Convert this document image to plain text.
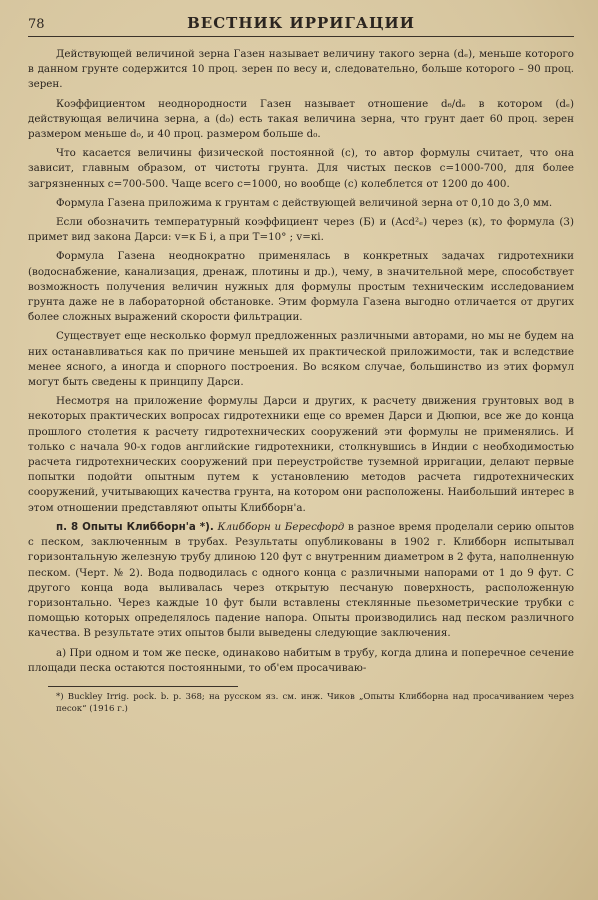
78	ВЕСТНИК ИРРИГАЦИИ

Действующей величиной зерна Газен называет величину такого зерна (dₑ), меньше которого в данном грунте содержится 10 проц. зерен по весу и, следовательно, больше которого – 90 проц. зерен.

Коэффициентом неоднородности Газен называет отношение d₆/dₑ в котором (dₑ) действующая величина зерна, а (d₀) есть такая величина зерна, что грунт дает 60 проц. зерен размером меньше d₀, и 40 проц. размером больше d₀.

Что касается величины физической постоянной (с), то автор формулы считает, что она зависит, главным образом, от чистоты грунта. Для чистых песков с=1000-700, для более загрязненных с=700-500. Чаще всего с=1000, но вообще (с) колеблется от 1200 до 400.

Формула Газена приложима к грунтам с действующей величиной зерна от 0,10 до 3,0 мм.

Если обозначить температурный коэффициент через (Б) и (Acd²ₑ) через (к), то формула (3) примет вид закона Дарси: v=к Б i, а при T=10° ; v=кi.

Формула Газена неоднократно применялась в конкретных задачах гидротехники (водоснабжение, канализация, дренаж, плотины и др.), чему, в значительной мере, способствует возможность получения величин нужных для формулы простым техническим исследованием грунта даже не в лабораторной обстановке. Этим формула Газена выгодно отличается от других более сложных выражений скорости фильтрации.

Существует еще несколько формул предложенных различными авторами, но мы не будем на них останавливаться как по причине меньшей их практической приложимости, так и вследствие менее ясного, а иногда и спорного построения. Во всяком случае, большинство из этих формул могут быть сведены к принципу Дарси.

Несмотря на приложение формулы Дарси и других, к расчету движения грунтовых вод в некоторых практических вопросах гидротехники еще со времен Дарси и Дюпюи, все же до конца прошлого столетия к расчету гидротехнических сооружений эти формулы не применялись. И только с начала 90-х годов английские гидротехники, столкнувшись в Индии с необходимостью расчета гидротехнических сооружений при переустройстве туземной ирригации, делают первые попытки подойти опытным путем к установлению методов расчета гидротехнических сооружений, учитывающих качества грунта, на котором они расположены. Наибольший интерес в этом отношении представляют опыты Клибборн'а.

п. 8 Опыты Клибборн'а *). Клибборн и Бересфорд в разное время проделали серию опытов с песком, заключенным в трубах. Результаты опубликованы в 1902 г. Клибборн испытывал горизонтальную железную трубу длиною 120 фут с внутренним диаметром в 2 фута, наполненную песком. (Черт. № 2). Вода подводилась с одного конца с различными напорами от 1 до 9 фут. С другого конца вода выливалась через открытую песчаную поверхность, расположенную горизонтально. Через каждые 10 фут были вставлены стеклянные пьезометрические трубки с помощью которых определялось падение напора. Опыты производились над песком различного качества. В результате этих опытов были выведены следующие заключения.

а) При одном и том же песке, одинаково набитым в трубу, когда длина и поперечное сечение площади песка остаются постоянными, то об'ем просачиваю-

*) Buckley Irrig. pock. b. p. 368; на русском яз. см. инж. Чиков „Опыты Клибборна над просачиванием через песок“ (1916 г.)
